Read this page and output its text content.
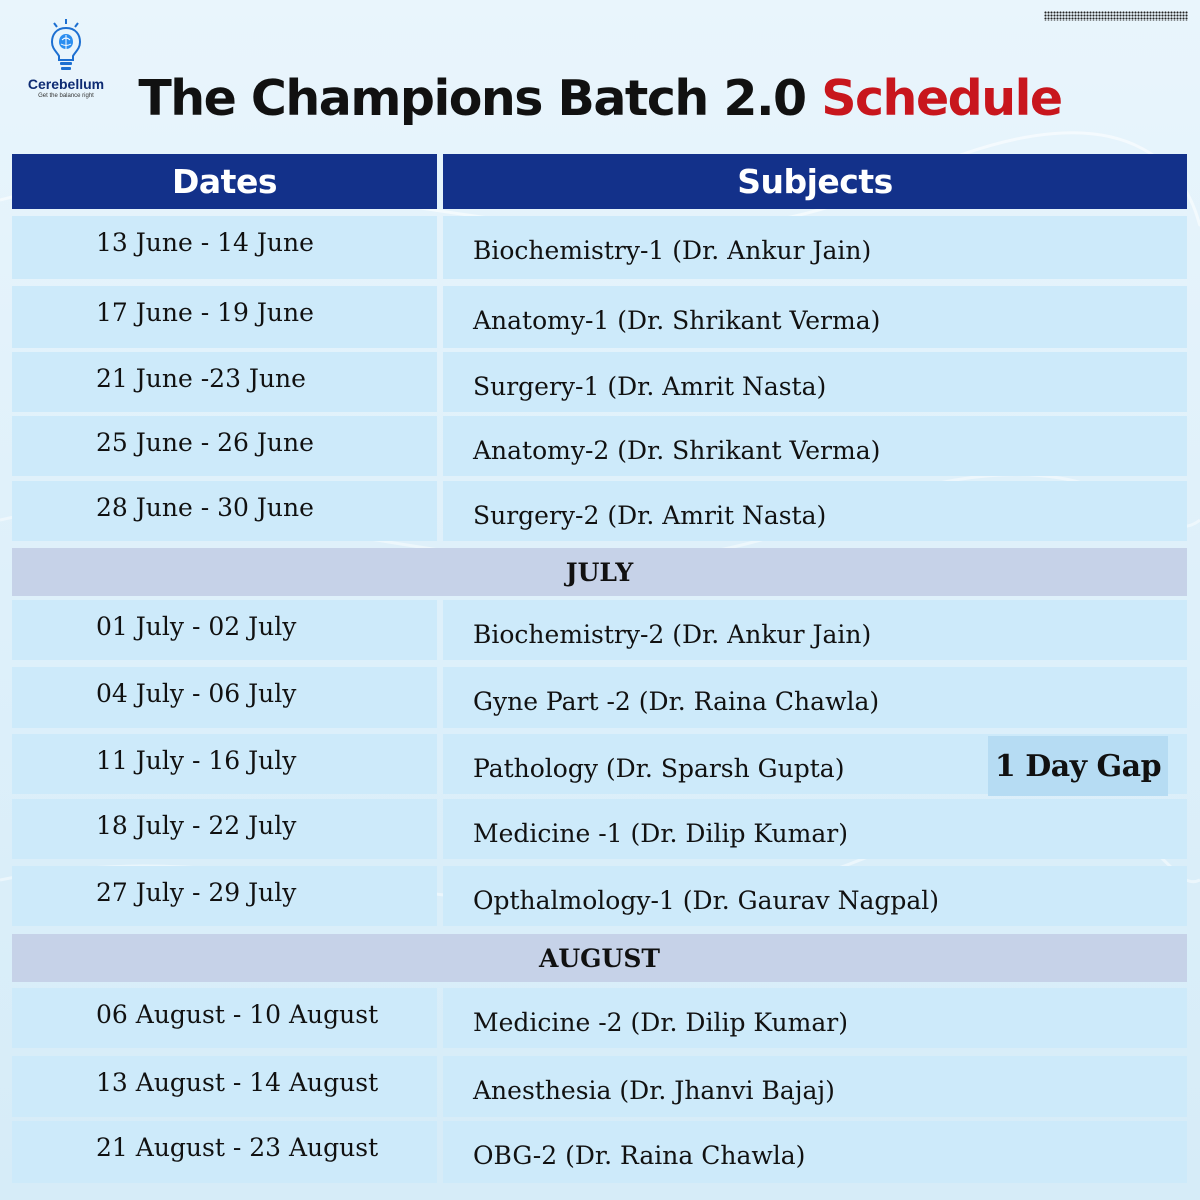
Cerebellum
Get the balance right The Champions Batch 2.0 Schedule
Dates	Subjects
13 June - 14 June	Biochemistry-1 (Dr. Ankur Jain)
17 June - 19 June	Anatomy-1 (Dr. Shrikant Verma)
21 June -23 June	Surgery-1 (Dr. Amrit Nasta)
25 June - 26 June	Anatomy-2 (Dr. Shrikant Verma)
28 June - 30 June	Surgery-2 (Dr. Amrit Nasta)
JULY
01 July - 02 July	Biochemistry-2 (Dr. Ankur Jain)
04 July - 06 July	Gyne Part -2 (Dr. Raina Chawla)
11 July - 16 July	Pathology (Dr. Sparsh Gupta)
18 July - 22 July	Medicine -1 (Dr. Dilip Kumar)
27 July - 29 July	Opthalmology-1 (Dr. Gaurav Nagpal)
AUGUST
06 August - 10 August	Medicine -2 (Dr. Dilip Kumar)
13 August - 14 August	Anesthesia (Dr. Jhanvi Bajaj)
21 August - 23 August	OBG-2 (Dr. Raina Chawla)
1 Day Gap
